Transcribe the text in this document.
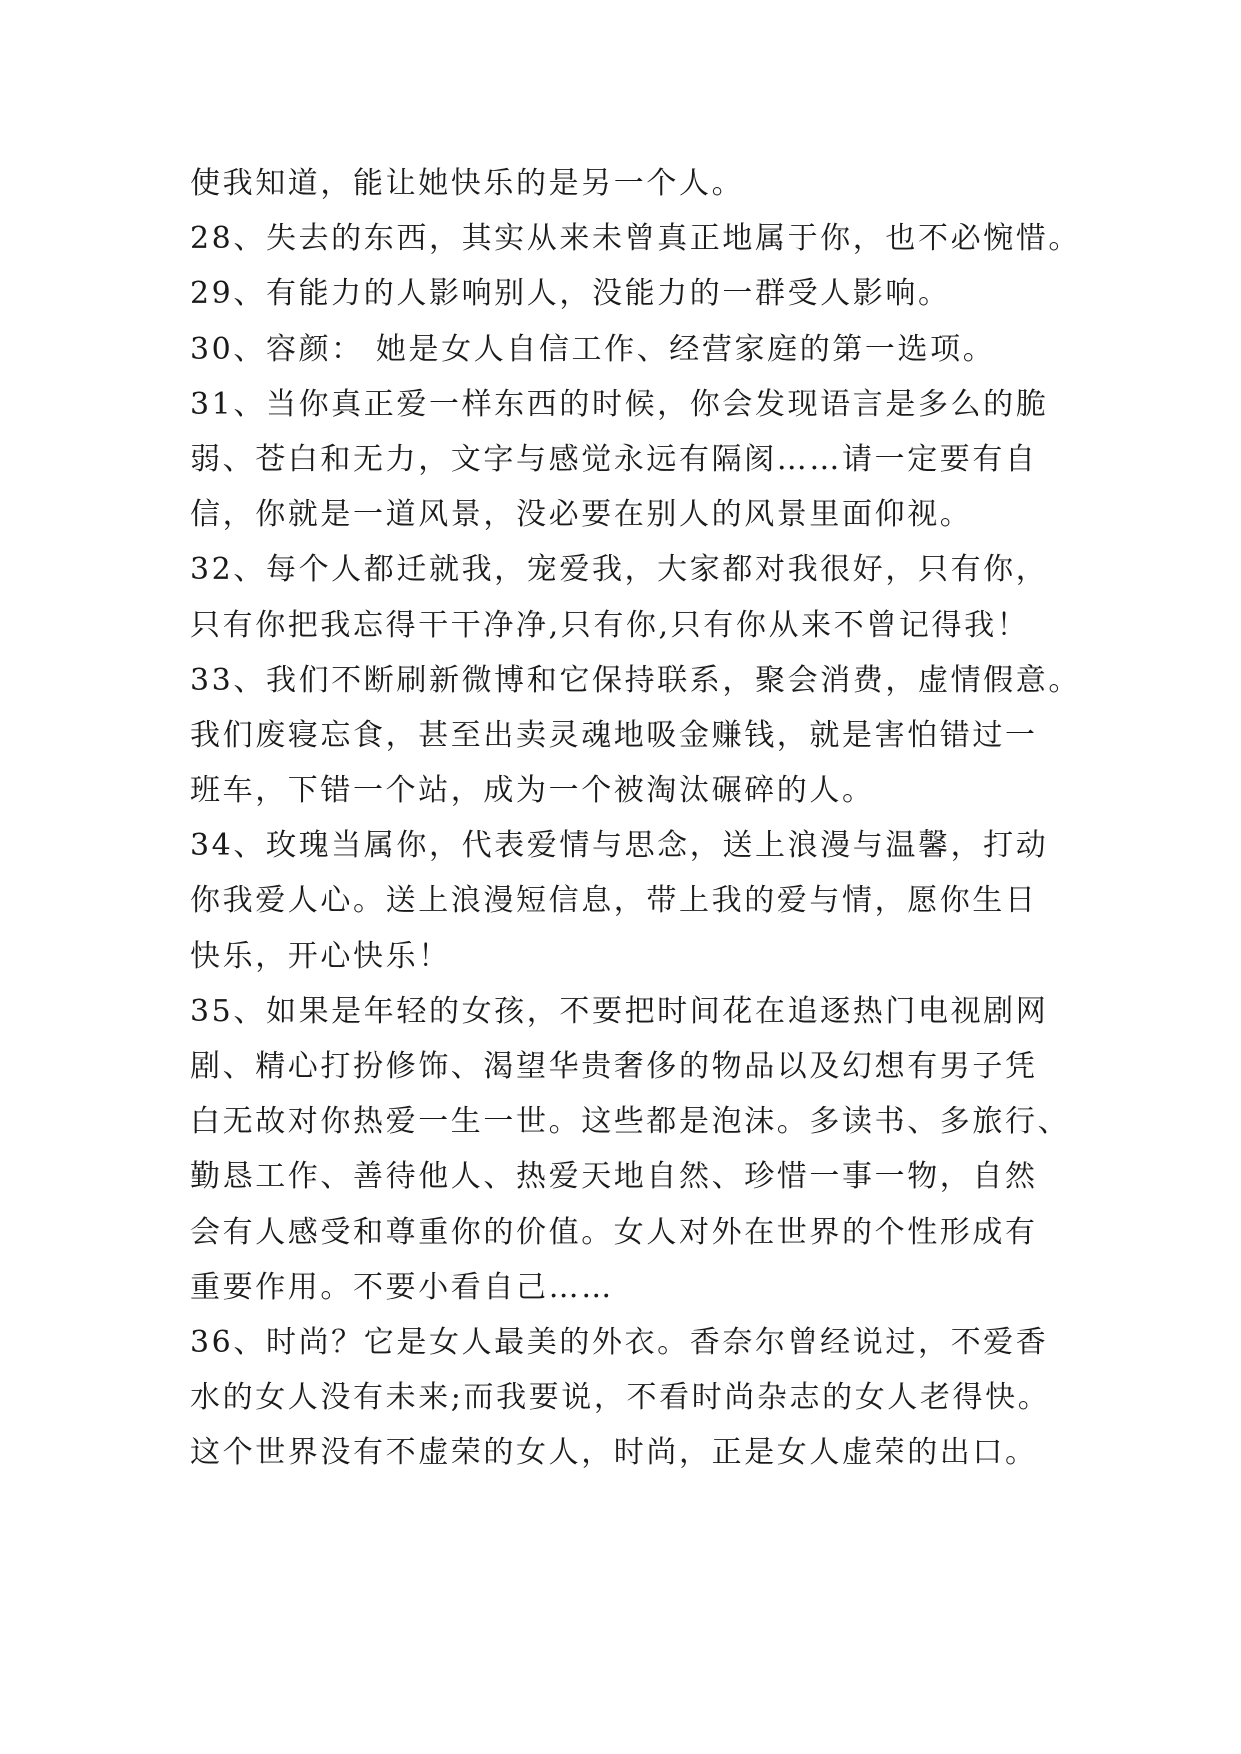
使我知道，能让她快乐的是另一个人。
28、失去的东西，其实从来未曾真正地属于你，也不必惋惜。
29、有能力的人影响别人，没能力的一群受人影响。
30、容颜： 她是女人自信工作、经营家庭的第一选项。
31、当你真正爱一样东西的时候，你会发现语言是多么的脆
弱、苍白和无力，文字与感觉永远有隔阂……请一定要有自
信，你就是一道风景，没必要在别人的风景里面仰视。
32、每个人都迁就我，宠爱我，大家都对我很好，只有你，
只有你把我忘得干干净净,只有你,只有你从来不曾记得我！
33、我们不断刷新微博和它保持联系，聚会消费，虚情假意。
我们废寝忘食，甚至出卖灵魂地吸金赚钱，就是害怕错过一
班车，下错一个站，成为一个被淘汰碾碎的人。
34、玫瑰当属你，代表爱情与思念，送上浪漫与温馨，打动
你我爱人心。送上浪漫短信息，带上我的爱与情，愿你生日
快乐，开心快乐！
35、如果是年轻的女孩，不要把时间花在追逐热门电视剧网
剧、精心打扮修饰、渴望华贵奢侈的物品以及幻想有男子凭
白无故对你热爱一生一世。这些都是泡沫。多读书、多旅行、
勤恳工作、善待他人、热爱天地自然、珍惜一事一物，自然
会有人感受和尊重你的价值。女人对外在世界的个性形成有
重要作用。不要小看自己……
36、时尚？它是女人最美的外衣。香奈尔曾经说过，不爱香
水的女人没有未来;而我要说，不看时尚杂志的女人老得快。
这个世界没有不虚荣的女人，时尚，正是女人虚荣的出口。
